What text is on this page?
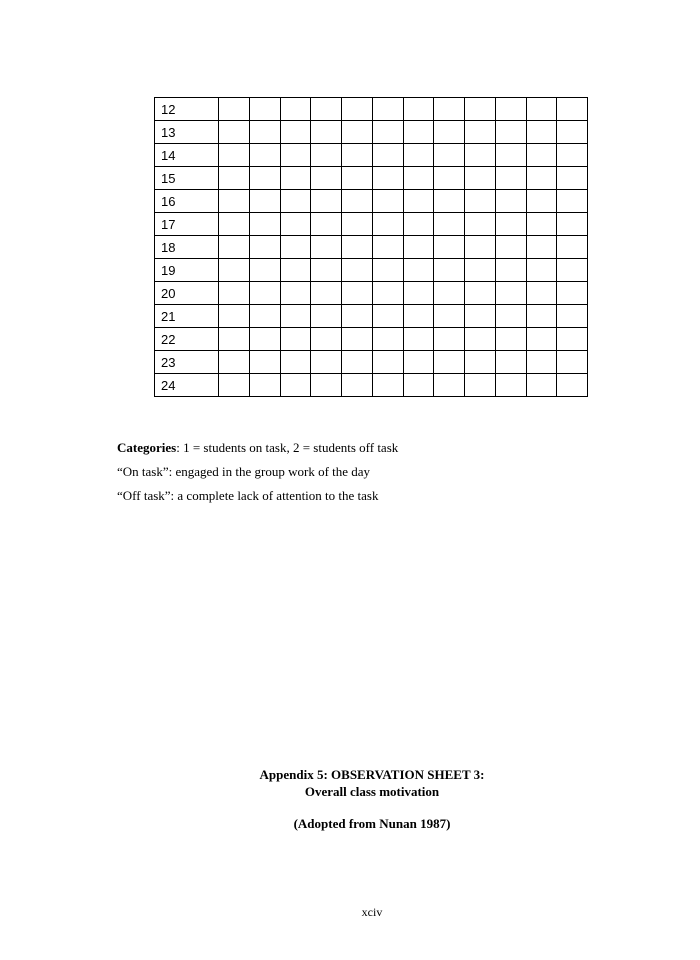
12												
13												
14												
15												
16												
17												
18												
19												
20												
21												
22												
23												
24												
Categories: 1 = students on task, 2 = students off task
“On task”: engaged in the group work of the day
“Off task”: a complete lack of attention to the task
Appendix 5: OBSERVATION SHEET 3:
Overall class motivation
(Adopted from Nunan 1987)
xciv
